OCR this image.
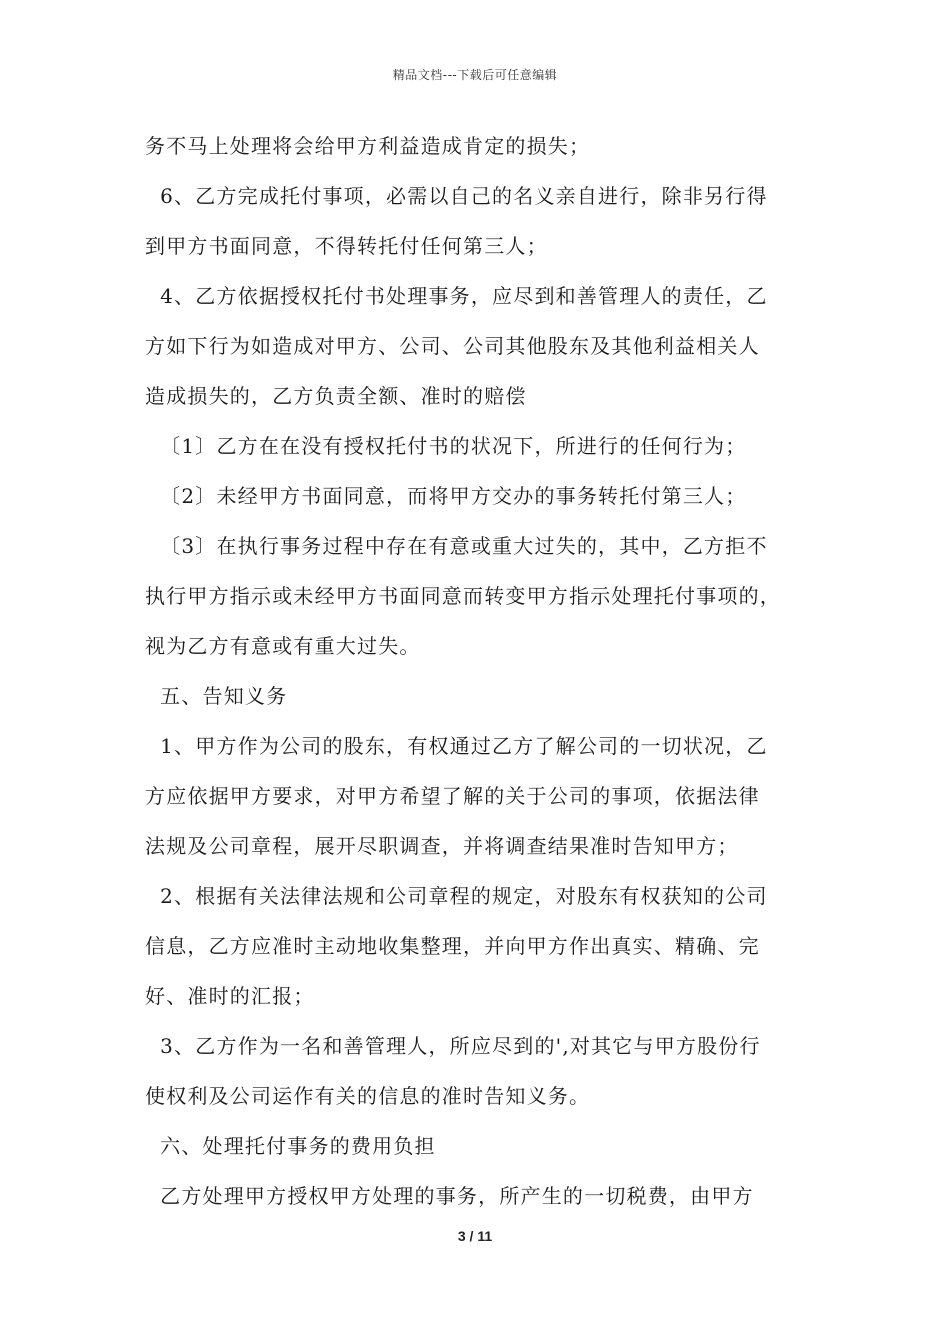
精品文档---下载后可任意编辑
务不马上处理将会给甲方利益造成肯定的损失；
6、乙方完成托付事项，必需以自己的名义亲自进行，除非另行得
到甲方书面同意，不得转托付任何第三人；
4、乙方依据授权托付书处理事务，应尽到和善管理人的责任，乙
方如下行为如造成对甲方、公司、公司其他股东及其他利益相关人
造成损失的，乙方负责全额、准时的赔偿
〔1〕乙方在在没有授权托付书的状况下，所进行的任何行为；
〔2〕未经甲方书面同意，而将甲方交办的事务转托付第三人；
〔3〕在执行事务过程中存在有意或重大过失的，其中，乙方拒不
执行甲方指示或未经甲方书面同意而转变甲方指示处理托付事项的，
视为乙方有意或有重大过失。
五、告知义务
1、甲方作为公司的股东，有权通过乙方了解公司的一切状况，乙
方应依据甲方要求，对甲方希望了解的关于公司的事项，依据法律
法规及公司章程，展开尽职调查，并将调查结果准时告知甲方；
2、根据有关法律法规和公司章程的规定，对股东有权获知的公司
信息，乙方应准时主动地收集整理，并向甲方作出真实、精确、完
好、准时的汇报；
3、乙方作为一名和善管理人，所应尽到的',对其它与甲方股份行
使权利及公司运作有关的信息的准时告知义务。
六、处理托付事务的费用负担
乙方处理甲方授权甲方处理的事务，所产生的一切税费，由甲方
3 / 11
